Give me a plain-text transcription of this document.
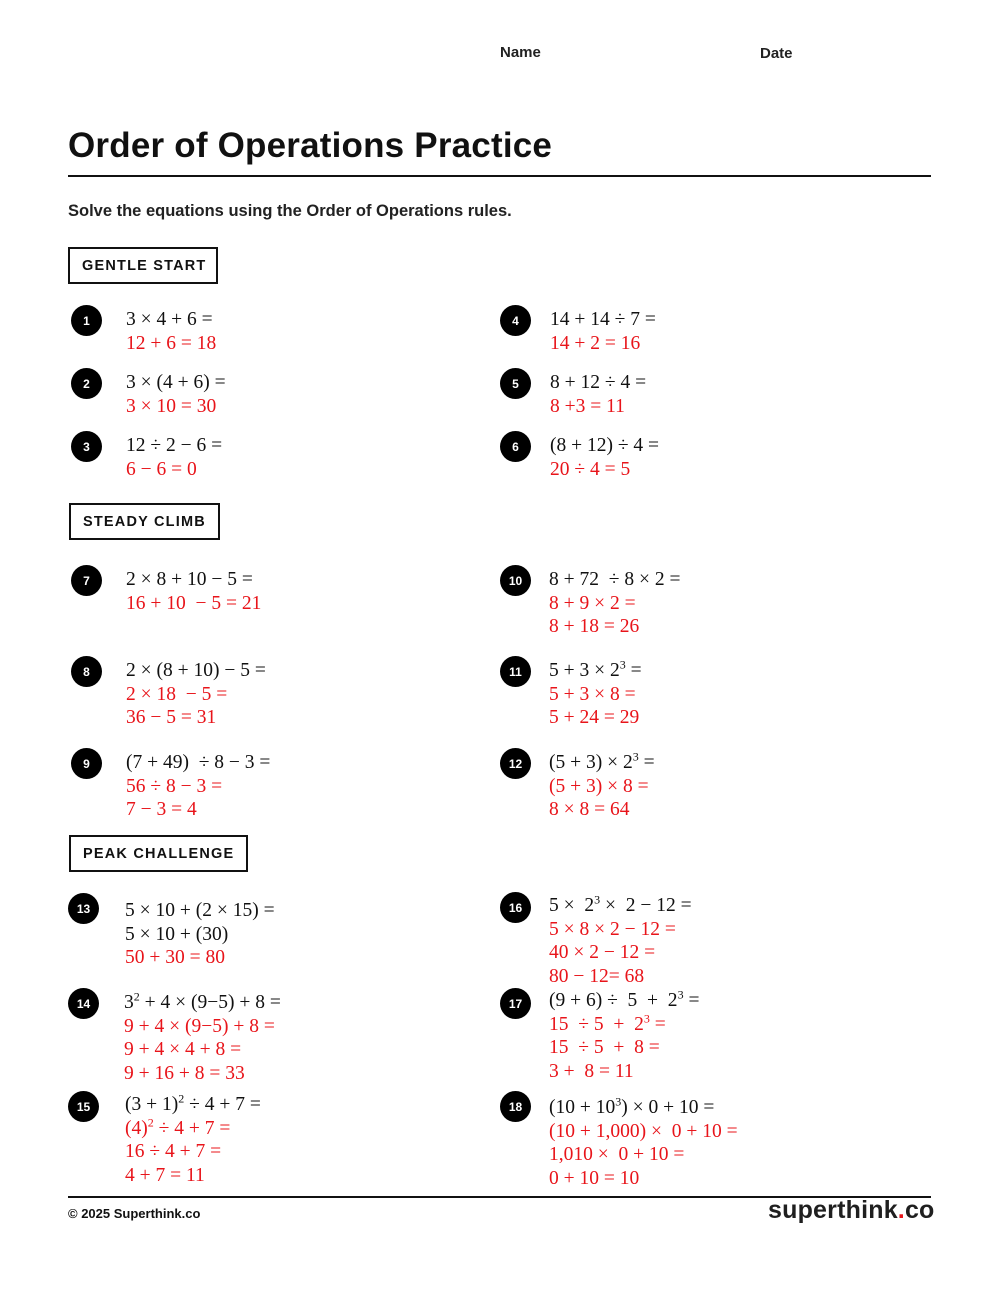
Name	Date
Order of Operations Practice
Solve the equations using the Order of Operations rules.
GENTLE START
STEADY CLIMB
PEAK CHALLENGE
1	3 × 4 + 6 =
12 + 6 = 18
2	3 × (4 + 6) =
3 × 10 = 30
3	12 ÷ 2 − 6 =
6 − 6 = 0
4	14 + 14 ÷ 7 =
14 + 2 = 16
5	8 + 12 ÷ 4 =
8 +3 = 11
6	(8 + 12) ÷ 4 =
20 ÷ 4 = 5
7	2 × 8 + 10 − 5 =
16 + 10  − 5 = 21
8	2 × (8 + 10) − 5 =
2 × 18  − 5 =
36 − 5 = 31
9	(7 + 49)  ÷ 8 − 3 =
56 ÷ 8 − 3 =
7 − 3 = 4
10	8 + 72  ÷ 8 × 2 =
8 + 9 × 2 =
8 + 18 = 26
11	$5 + 3 \times 2^3$ =
5 + 3 × 8 =
5 + 24 = 29
12	$(5 + 3) \times 2^3$ =
(5 + 3) × 8 =
8 × 8 = 64
13	5 × 10 + (2 × 15) =
5 × 10 + (30)
50 + 30 = 80
14	$3^2 + 4 \times (9-5) + 8$ =
9 + 4 × (9−5) + 8 =
9 + 4 × 4 + 8 =
9 + 16 + 8 = 33
15	$(3 + 1)^2 \div 4 + 7$ =
$(4)^2 \div 4 + 7$ =
16 ÷ 4 + 7 =
4 + 7 = 11
16	$5 \times 2^3 \times 2 - 12$ =
5 × 8 × 2 − 12 =
40 × 2 − 12 =
80 − 12= 68
17	$(9 + 6) \div 5 + 2^3$ =
$15 \div 5 + 2^3$ =
15  ÷ 5  +  8 =
3 +  8 = 11
18	$(10 + 10^3) \times 0 + 10$ =
(10 + 1,000) ×  0 + 10 =
1,010 ×  0 + 10 =
0 + 10 = 10
© 2025 Superthink.co	superthink.co
